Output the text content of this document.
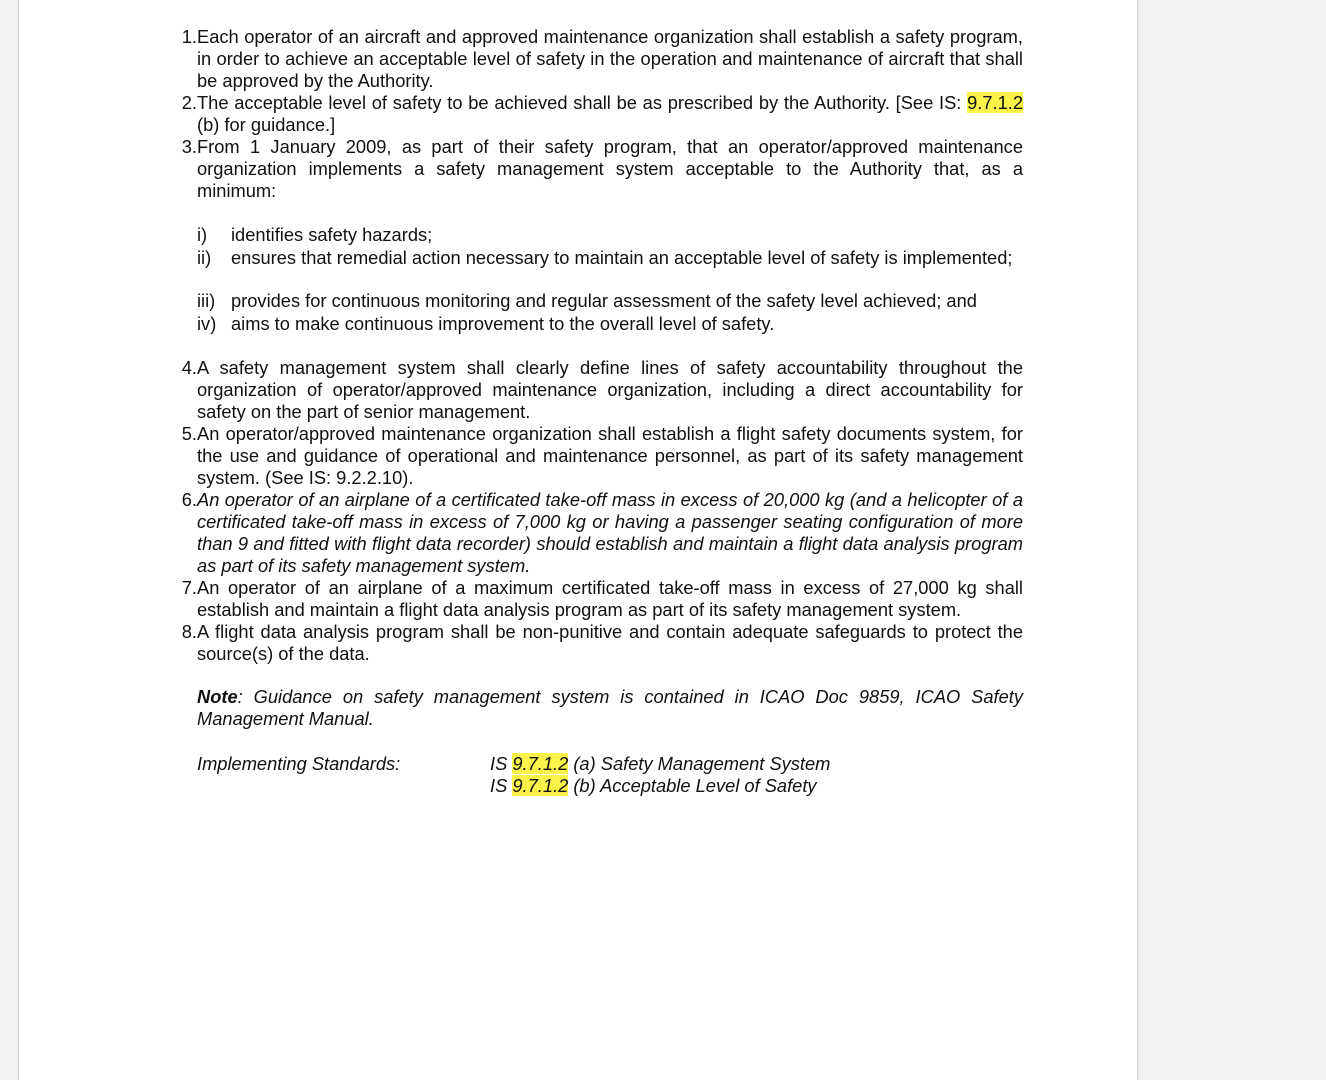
1. Each operator of an aircraft and approved maintenance organization shall establish a safety program, in order to achieve an acceptable level of safety in the operation and maintenance of aircraft that shall be approved by the Authority.
2. The acceptable level of safety to be achieved shall be as prescribed by the Authority. [See IS: 9.7.1.2 (b) for guidance.]
3. From 1 January 2009, as part of their safety program, that an operator/approved maintenance organization implements a safety management system acceptable to the Authority that, as a minimum:
i)	identifies safety hazards;
ii)	ensures that remedial action necessary to maintain an acceptable level of safety is implemented;
iii) provides for continuous monitoring and regular assessment of the safety level achieved; and
iv) aims to make continuous improvement to the overall level of safety.
4. A safety management system shall clearly define lines of safety accountability throughout the organization of operator/approved maintenance organization, including a direct accountability for safety on the part of senior management.
5. An operator/approved maintenance organization shall establish a flight safety documents system, for the use and guidance of operational and maintenance personnel, as part of its safety management system. (See IS: 9.2.2.10).
6. An operator of an airplane of a certificated take-off mass in excess of 20,000 kg (and a helicopter of a certificated take-off mass in excess of 7,000 kg or having a passenger seating configuration of more than 9 and fitted with flight data recorder) should establish and maintain a flight data analysis program as part of its safety management system.
7. An operator of an airplane of a maximum certificated take-off mass in excess of 27,000 kg shall establish and maintain a flight data analysis program as part of its safety management system.
8. A flight data analysis program shall be non-punitive and contain adequate safeguards to protect the source(s) of the data.
Note: Guidance on safety management system is contained in ICAO Doc 9859, ICAO Safety Management Manual.
Implementing Standards:	IS 9.7.1.2 (a) Safety Management System
IS 9.7.1.2 (b) Acceptable Level of Safety
